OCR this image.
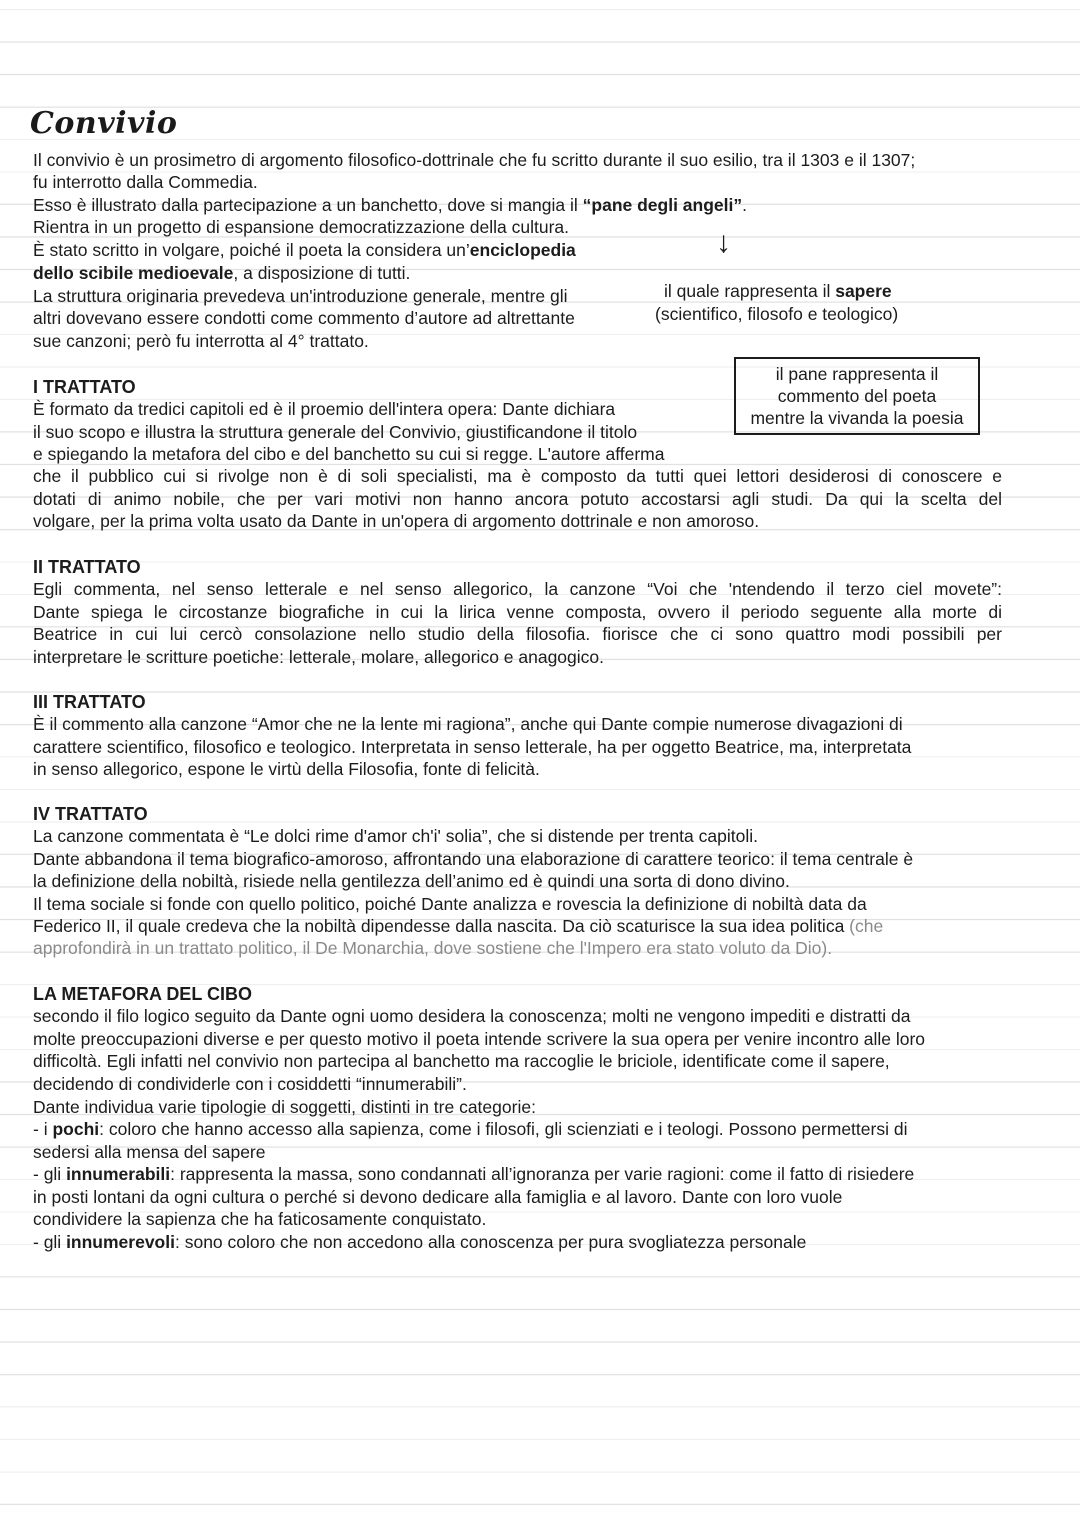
Convivio
Il convivio è un prosimetro di argomento filosofico-dottrinale che fu scritto durante il suo esilio, tra il 1303 e il 1307;
fu interrotto dalla Commedia.
Esso è illustrato dalla partecipazione a un banchetto, dove si mangia il “pane degli angeli”.
Rientra in un progetto di espansione democratizzazione della cultura.
È stato scritto in volgare, poiché il poeta la considera un’enciclopedia
dello scibile medioevale, a disposizione di tutti.
La struttura originaria prevedeva un'introduzione generale, mentre gli
altri dovevano essere condotti come commento d’autore ad altrettante
sue canzoni; però fu interrotta al 4° trattato.
↓
il quale rappresenta il sapere
(scientifico, filosofo e teologico)
il pane rappresenta il
commento del poeta
mentre la vivanda la poesia
I TRATTATO
È formato da tredici capitoli ed è il proemio dell'intera opera: Dante dichiara
il suo scopo e illustra la struttura generale del Convivio, giustificandone il titolo
e spiegando la metafora del cibo e del banchetto su cui si regge. L'autore afferma
che il pubblico cui si rivolge non è di soli specialisti, ma è composto da tutti quei lettori desiderosi di conoscere e
dotati di animo nobile, che per vari motivi non hanno ancora potuto accostarsi agli studi. Da qui la scelta del
volgare, per la prima volta usato da Dante in un'opera di argomento dottrinale e non amoroso.
II TRATTATO
Egli commenta, nel senso letterale e nel senso allegorico, la canzone “Voi che 'ntendendo il terzo ciel movete”:
Dante spiega le circostanze biografiche in cui la lirica venne composta, ovvero il periodo seguente alla morte di
Beatrice in cui lui cercò consolazione nello studio della filosofia. fiorisce che ci sono quattro modi possibili per
interpretare le scritture poetiche: letterale, molare, allegorico e anagogico.
III TRATTATO
È il commento alla canzone “Amor che ne la lente mi ragiona”, anche qui Dante compie numerose divagazioni di
carattere scientifico, filosofico e teologico. Interpretata in senso letterale, ha per oggetto Beatrice, ma, interpretata
in senso allegorico, espone le virtù della Filosofia, fonte di felicità.
IV TRATTATO
La canzone commentata è “Le dolci rime d'amor ch'i' solia”, che si distende per trenta capitoli.
Dante abbandona il tema biografico-amoroso, affrontando una elaborazione di carattere teorico: il tema centrale è
la definizione della nobiltà, risiede nella gentilezza dell’animo ed è quindi una sorta di dono divino.
Il tema sociale si fonde con quello politico, poiché Dante analizza e rovescia la definizione di nobiltà data da
Federico II, il quale credeva che la nobiltà dipendesse dalla nascita. Da ciò scaturisce la sua idea politica (che
approfondirà in un trattato politico, il De Monarchia, dove sostiene che l'Impero era stato voluto da Dio).
LA METAFORA DEL CIBO
secondo il filo logico seguito da Dante ogni uomo desidera la conoscenza; molti ne vengono impediti e distratti da
molte preoccupazioni diverse e per questo motivo il poeta intende scrivere la sua opera per venire incontro alle loro
difficoltà. Egli infatti nel convivio non partecipa al banchetto ma raccoglie le briciole, identificate come il sapere,
decidendo di condividerle con i cosiddetti “innumerabili”.
Dante individua varie tipologie di soggetti, distinti in tre categorie:
- i pochi: coloro che hanno accesso alla sapienza, come i filosofi, gli scienziati e i teologi. Possono permettersi di
sedersi alla mensa del sapere
- gli innumerabili: rappresenta la massa, sono condannati all’ignoranza per varie ragioni: come il fatto di risiedere
in posti lontani da ogni cultura o perché si devono dedicare alla famiglia e al lavoro. Dante con loro vuole
condividere la sapienza che ha faticosamente conquistato.
- gli innumerevoli: sono coloro che non accedono alla conoscenza per pura svogliatezza personale
